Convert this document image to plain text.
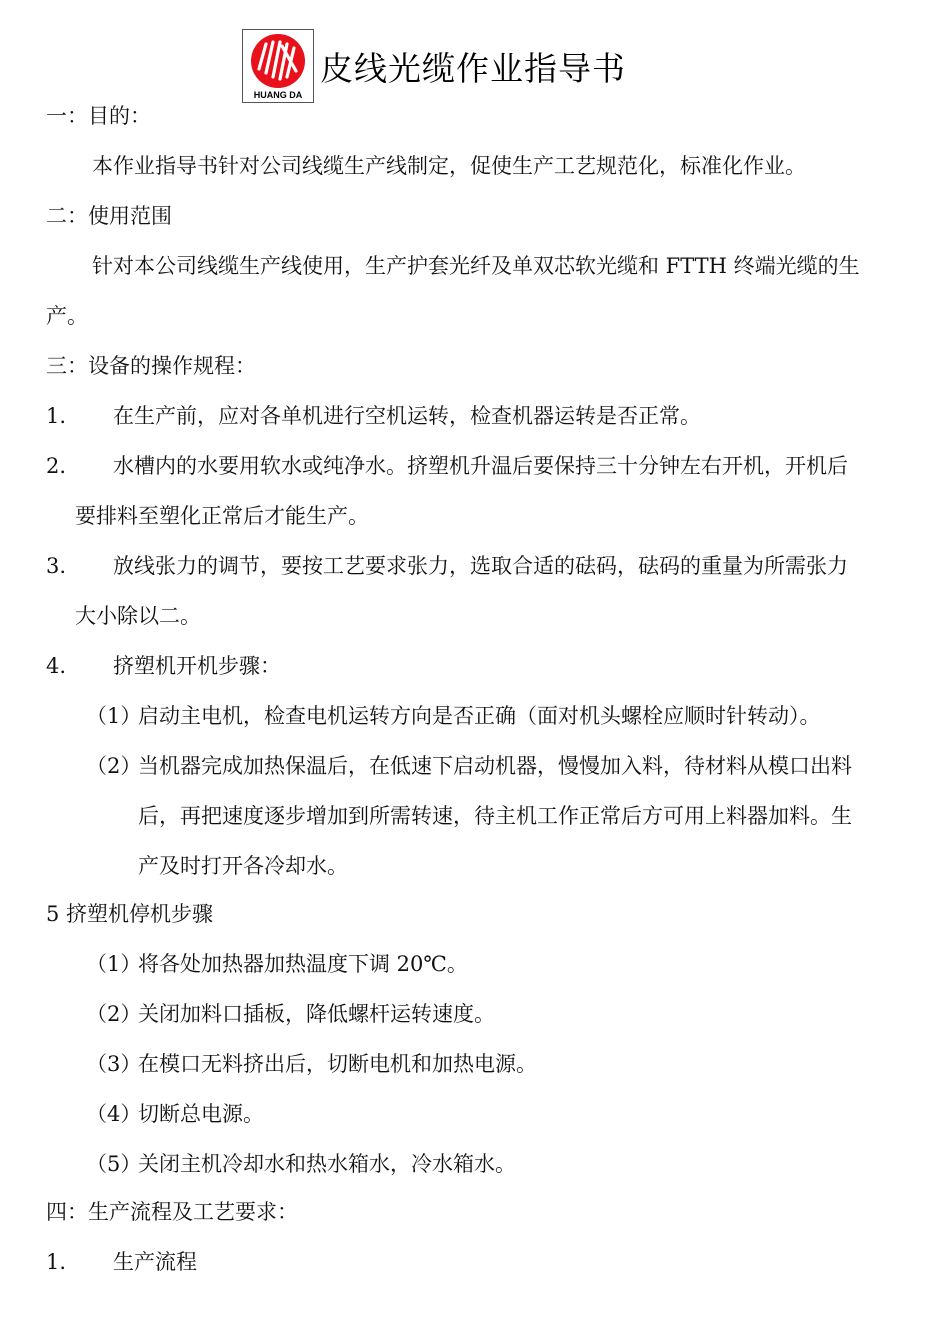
HUANG DA
皮线光缆作业指导书
一：目的：
本作业指导书针对公司线缆生产线制定，促使生产工艺规范化，标准化作业。
二：使用范围
针对本公司线缆生产线使用，生产护套光纤及单双芯软光缆和 FTTH 终端光缆的生
产。
三：设备的操作规程：
1. 在生产前，应对各单机进行空机运转，检查机器运转是否正常。
2. 水槽内的水要用软水或纯净水。挤塑机升温后要保持三十分钟左右开机，开机后
要排料至塑化正常后才能生产。
3. 放线张力的调节，要按工艺要求张力，选取合适的砝码，砝码的重量为所需张力
大小除以二。
4. 挤塑机开机步骤：
（1）
启动主电机，检查电机运转方向是否正确（面对机头螺栓应顺时针转动）。
（2）
当机器完成加热保温后，在低速下启动机器，慢慢加入料，待材料从模口出料
后，再把速度逐步增加到所需转速，待主机工作正常后方可用上料器加料。生
产及时打开各冷却水。
5 挤塑机停机步骤
（1）
将各处加热器加热温度下调 20℃。
（2）
关闭加料口插板，降低螺杆运转速度。
（3）
在模口无料挤出后，切断电机和加热电源。
（4）
切断总电源。
（5）
关闭主机冷却水和热水箱水，冷水箱水。
四：生产流程及工艺要求：
1. 生产流程
